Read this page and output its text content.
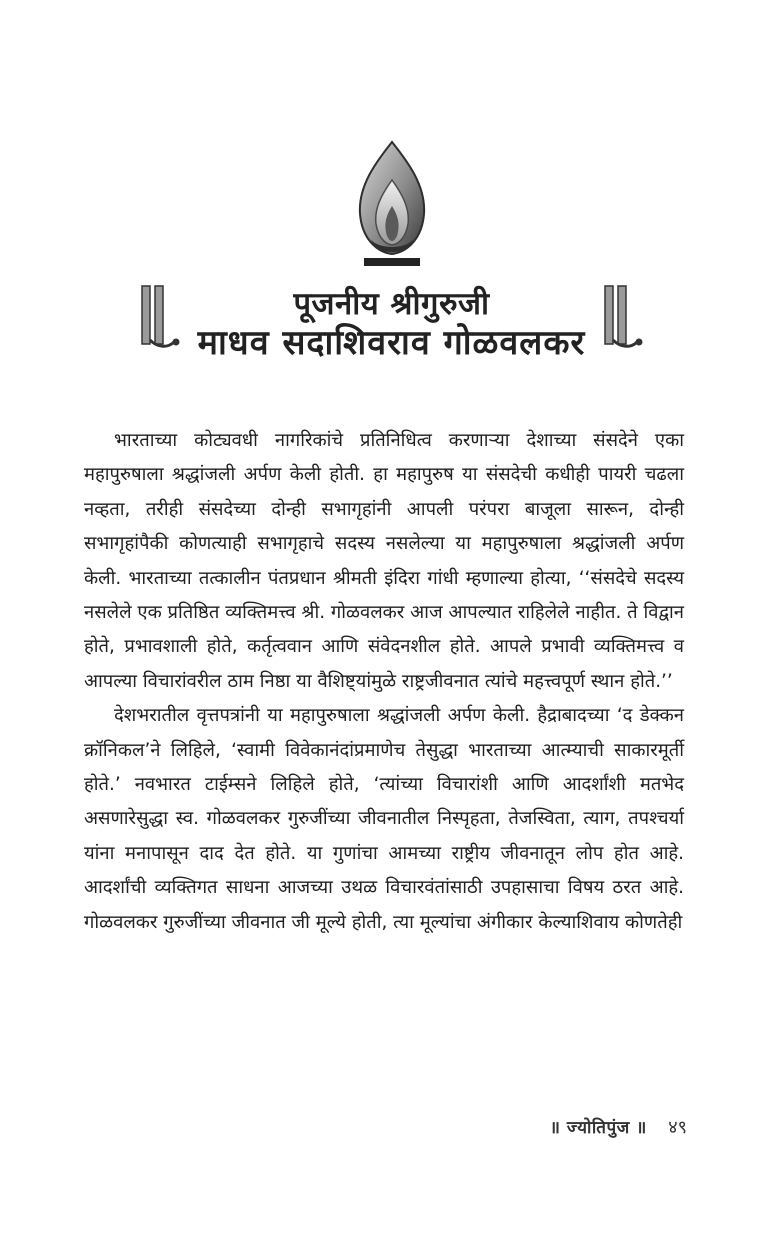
पूजनीय श्रीगुरुजी
माधव सदाशिवराव गोळवलकर

भारताच्या कोट्यवधी नागरिकांचे प्रतिनिधित्व करणाऱ्या देशाच्या संसदेने एका महापुरुषाला श्रद्धांजली अर्पण केली होती. हा महापुरुष या संसदेची कधीही पायरी चढला नव्हता, तरीही संसदेच्या दोन्ही सभागृहांनी आपली परंपरा बाजूला सारून, दोन्ही सभागृहांपैकी कोणत्याही सभागृहाचे सदस्य नसलेल्या या महापुरुषाला श्रद्धांजली अर्पण केली. भारताच्या तत्कालीन पंतप्रधान श्रीमती इंदिरा गांधी म्हणाल्या होत्या, ‘‘संसदेचे सदस्य नसलेले एक प्रतिष्ठित व्यक्तिमत्त्व श्री. गोळवलकर आज आपल्यात राहिलेले नाहीत. ते विद्वान होते, प्रभावशाली होते, कर्तृत्ववान आणि संवेदनशील होते. आपले प्रभावी व्यक्तिमत्त्व व आपल्या विचारांवरील ठाम निष्ठा या वैशिष्ट्यांमुळे राष्ट्रजीवनात त्यांचे महत्त्वपूर्ण स्थान होते.’’

देशभरातील वृत्तपत्रांनी या महापुरुषाला श्रद्धांजली अर्पण केली. हैद्राबादच्या ‘द डेक्कन क्रॉनिकल’ने लिहिले, ‘स्वामी विवेकानंदांप्रमाणेच तेसुद्धा भारताच्या आत्म्याची साकारमूर्ती होते.’ नवभारत टाईम्सने लिहिले होते, ‘त्यांच्या विचारांशी आणि आदर्शांशी मतभेद असणारेसुद्धा स्व. गोळवलकर गुरुजींच्या जीवनातील निस्पृहता, तेजस्विता, त्याग, तपश्चर्या यांना मनापासून दाद देत होते. या गुणांचा आमच्या राष्ट्रीय जीवनातून लोप होत आहे. आदर्शांची व्यक्तिगत साधना आजच्या उथळ विचारवंतांसाठी उपहासाचा विषय ठरत आहे. गोळवलकर गुरुजींच्या जीवनात जी मूल्ये होती, त्या मूल्यांचा अंगीकार केल्याशिवाय कोणतेही

॥ ज्योतिपुंज ॥ ४९
